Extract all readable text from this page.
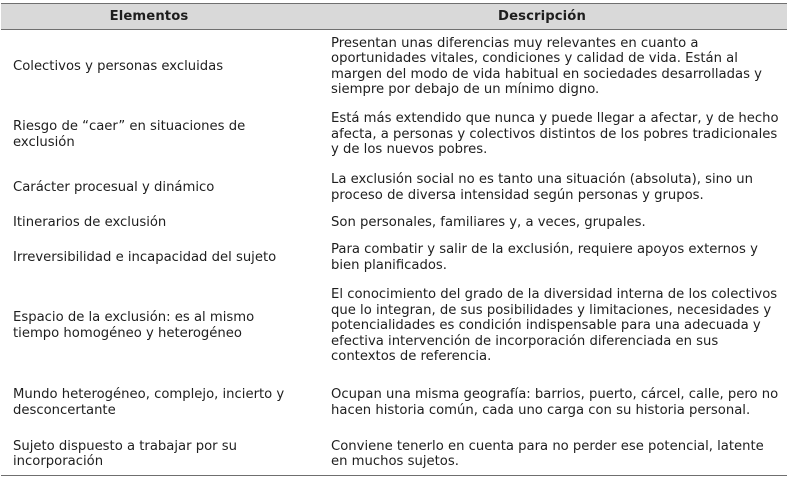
Elementos	Descripción
Colectivos y personas excluidas	Presentan unas diferencias muy relevantes en cuanto a oportunidades vitales, condiciones y calidad de vida. Están al margen del modo de vida habitual en sociedades desarrolladas y siempre por debajo de un mínimo digno.
Riesgo de “caer” en situaciones de exclusión	Está más extendido que nunca y puede llegar a afectar, y de hecho afecta, a personas y colectivos distintos de los pobres tradicionales y de los nuevos pobres.
Carácter procesual y dinámico	La exclusión social no es tanto una situación (absoluta), sino un proceso de diversa intensidad según personas y grupos.
Itinerarios de exclusión	Son personales, familiares y, a veces, grupales.
Irreversibilidad e incapacidad del sujeto	Para combatir y salir de la exclusión, requiere apoyos externos y bien planificados.
Espacio de la exclusión: es al mismo tiempo homogéneo y heterogéneo	El conocimiento del grado de la diversidad interna de los colectivos que lo integran, de sus posibilidades y limitaciones, necesidades y potencialidades es condición indispensable para una adecuada y efectiva intervención de incorporación diferenciada en sus contextos de referencia.
Mundo heterogéneo, complejo, incierto y desconcertante	Ocupan una misma geografía: barrios, puerto, cárcel, calle, pero no hacen historia común, cada uno carga con su historia personal.
Sujeto dispuesto a trabajar por su incorporación	Conviene tenerlo en cuenta para no perder ese potencial, latente en muchos sujetos.
